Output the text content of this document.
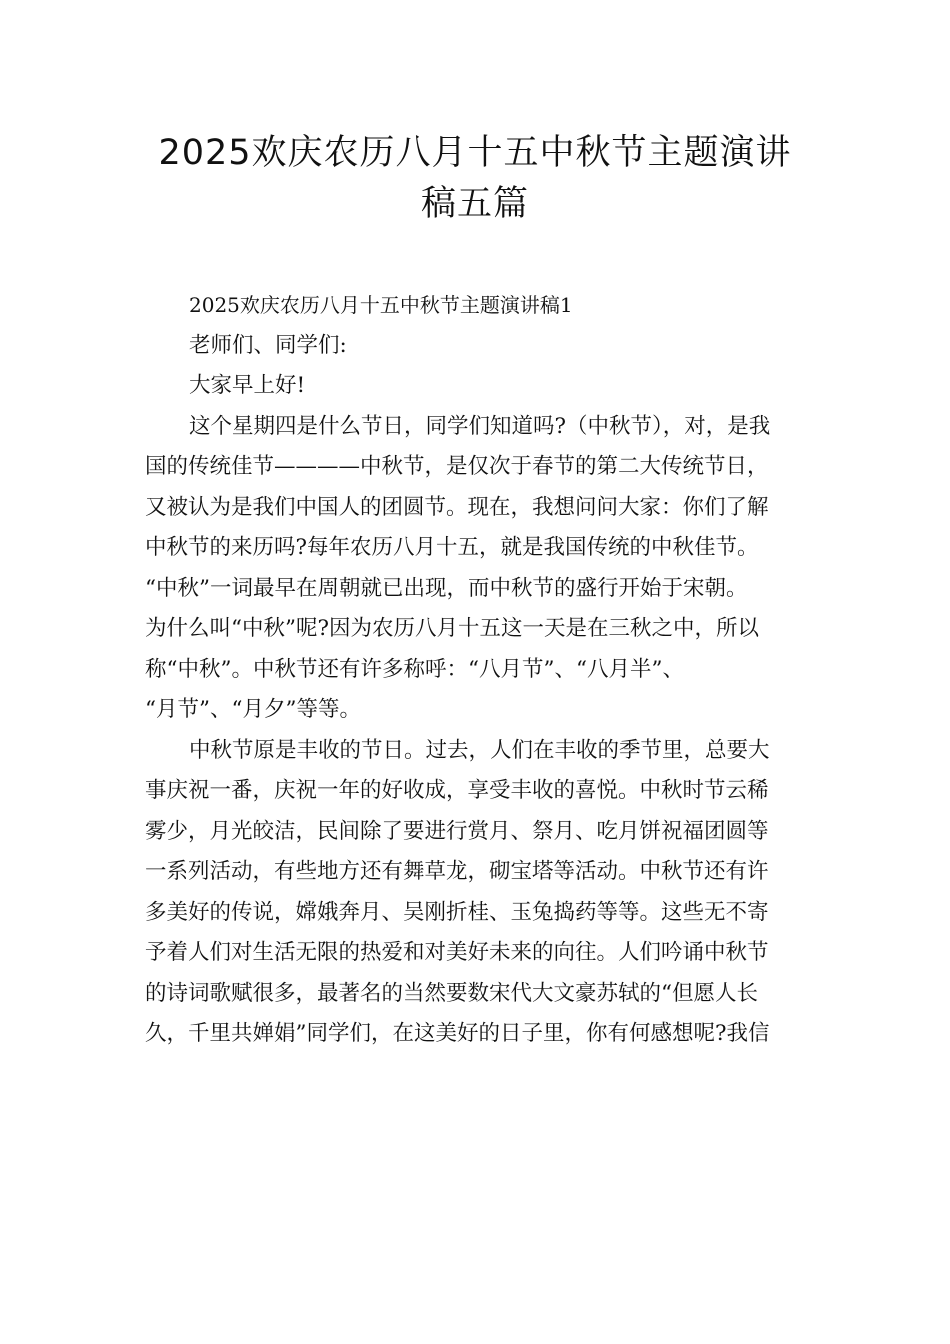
2025欢庆农历八月十五中秋节主题演讲
稿五篇
2025欢庆农历八月十五中秋节主题演讲稿1
老师们、同学们:
大家早上好!
这个星期四是什么节日，同学们知道吗?（中秋节），对，是我
国的传统佳节————中秋节，是仅次于春节的第二大传统节日，
又被认为是我们中国人的团圆节。现在，我想问问大家：你们了解
中秋节的来历吗?每年农历八月十五，就是我国传统的中秋佳节。
“中秋”一词最早在周朝就已出现，而中秋节的盛行开始于宋朝。
为什么叫“中秋”呢?因为农历八月十五这一天是在三秋之中，所以
称“中秋”。中秋节还有许多称呼：“八月节”、“八月半”、
“月节”、“月夕”等等。
中秋节原是丰收的节日。过去，人们在丰收的季节里，总要大
事庆祝一番，庆祝一年的好收成，享受丰收的喜悦。中秋时节云稀
雾少，月光皎洁，民间除了要进行赏月、祭月、吃月饼祝福团圆等
一系列活动，有些地方还有舞草龙，砌宝塔等活动。中秋节还有许
多美好的传说，嫦娥奔月、吴刚折桂、玉兔捣药等等。这些无不寄
予着人们对生活无限的热爱和对美好未来的向往。人们吟诵中秋节
的诗词歌赋很多，最著名的当然要数宋代大文豪苏轼的“但愿人长
久，千里共婵娟”同学们，在这美好的日子里，你有何感想呢?我信
